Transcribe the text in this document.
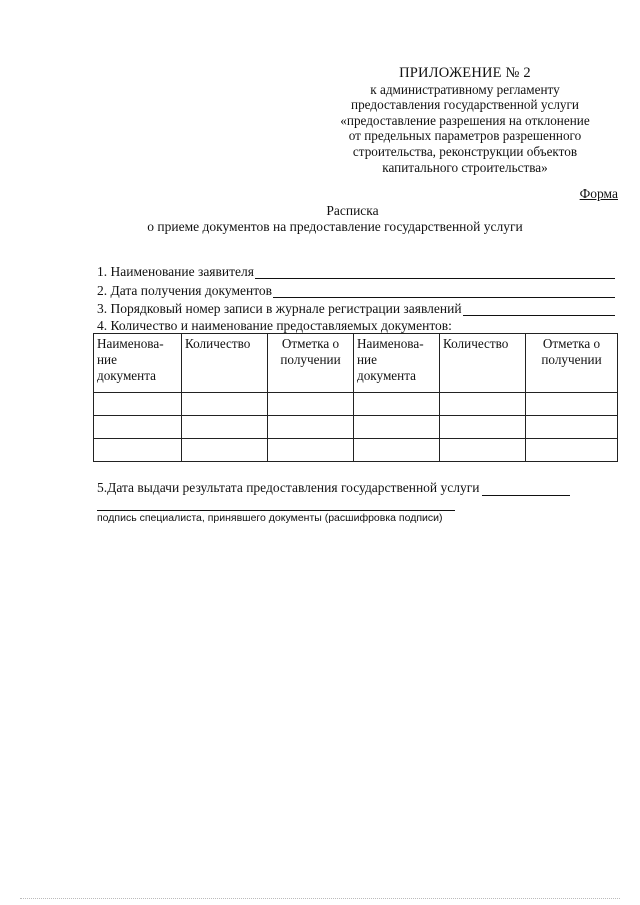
ПРИЛОЖЕНИЕ № 2
к административному регламенту
предоставления государственной услуги
«предоставление разрешения на отклонение
от предельных параметров разрешенного
строительства, реконструкции объектов
капитального строительства»
Форма
Расписка
о приеме документов на предоставление государственной услуги
1. Наименование заявителя
2. Дата получения документов
3. Порядковый номер записи в журнале регистрации заявлений
4. Количество и наименование предоставляемых документов:
Наименова-ние документа	Количество	Отметка о получении	Наименова-ние документа	Количество	Отметка о получении

5.Дата выдачи результата предоставления государственной услуги
подпись специалиста, принявшего документы (расшифровка подписи)
